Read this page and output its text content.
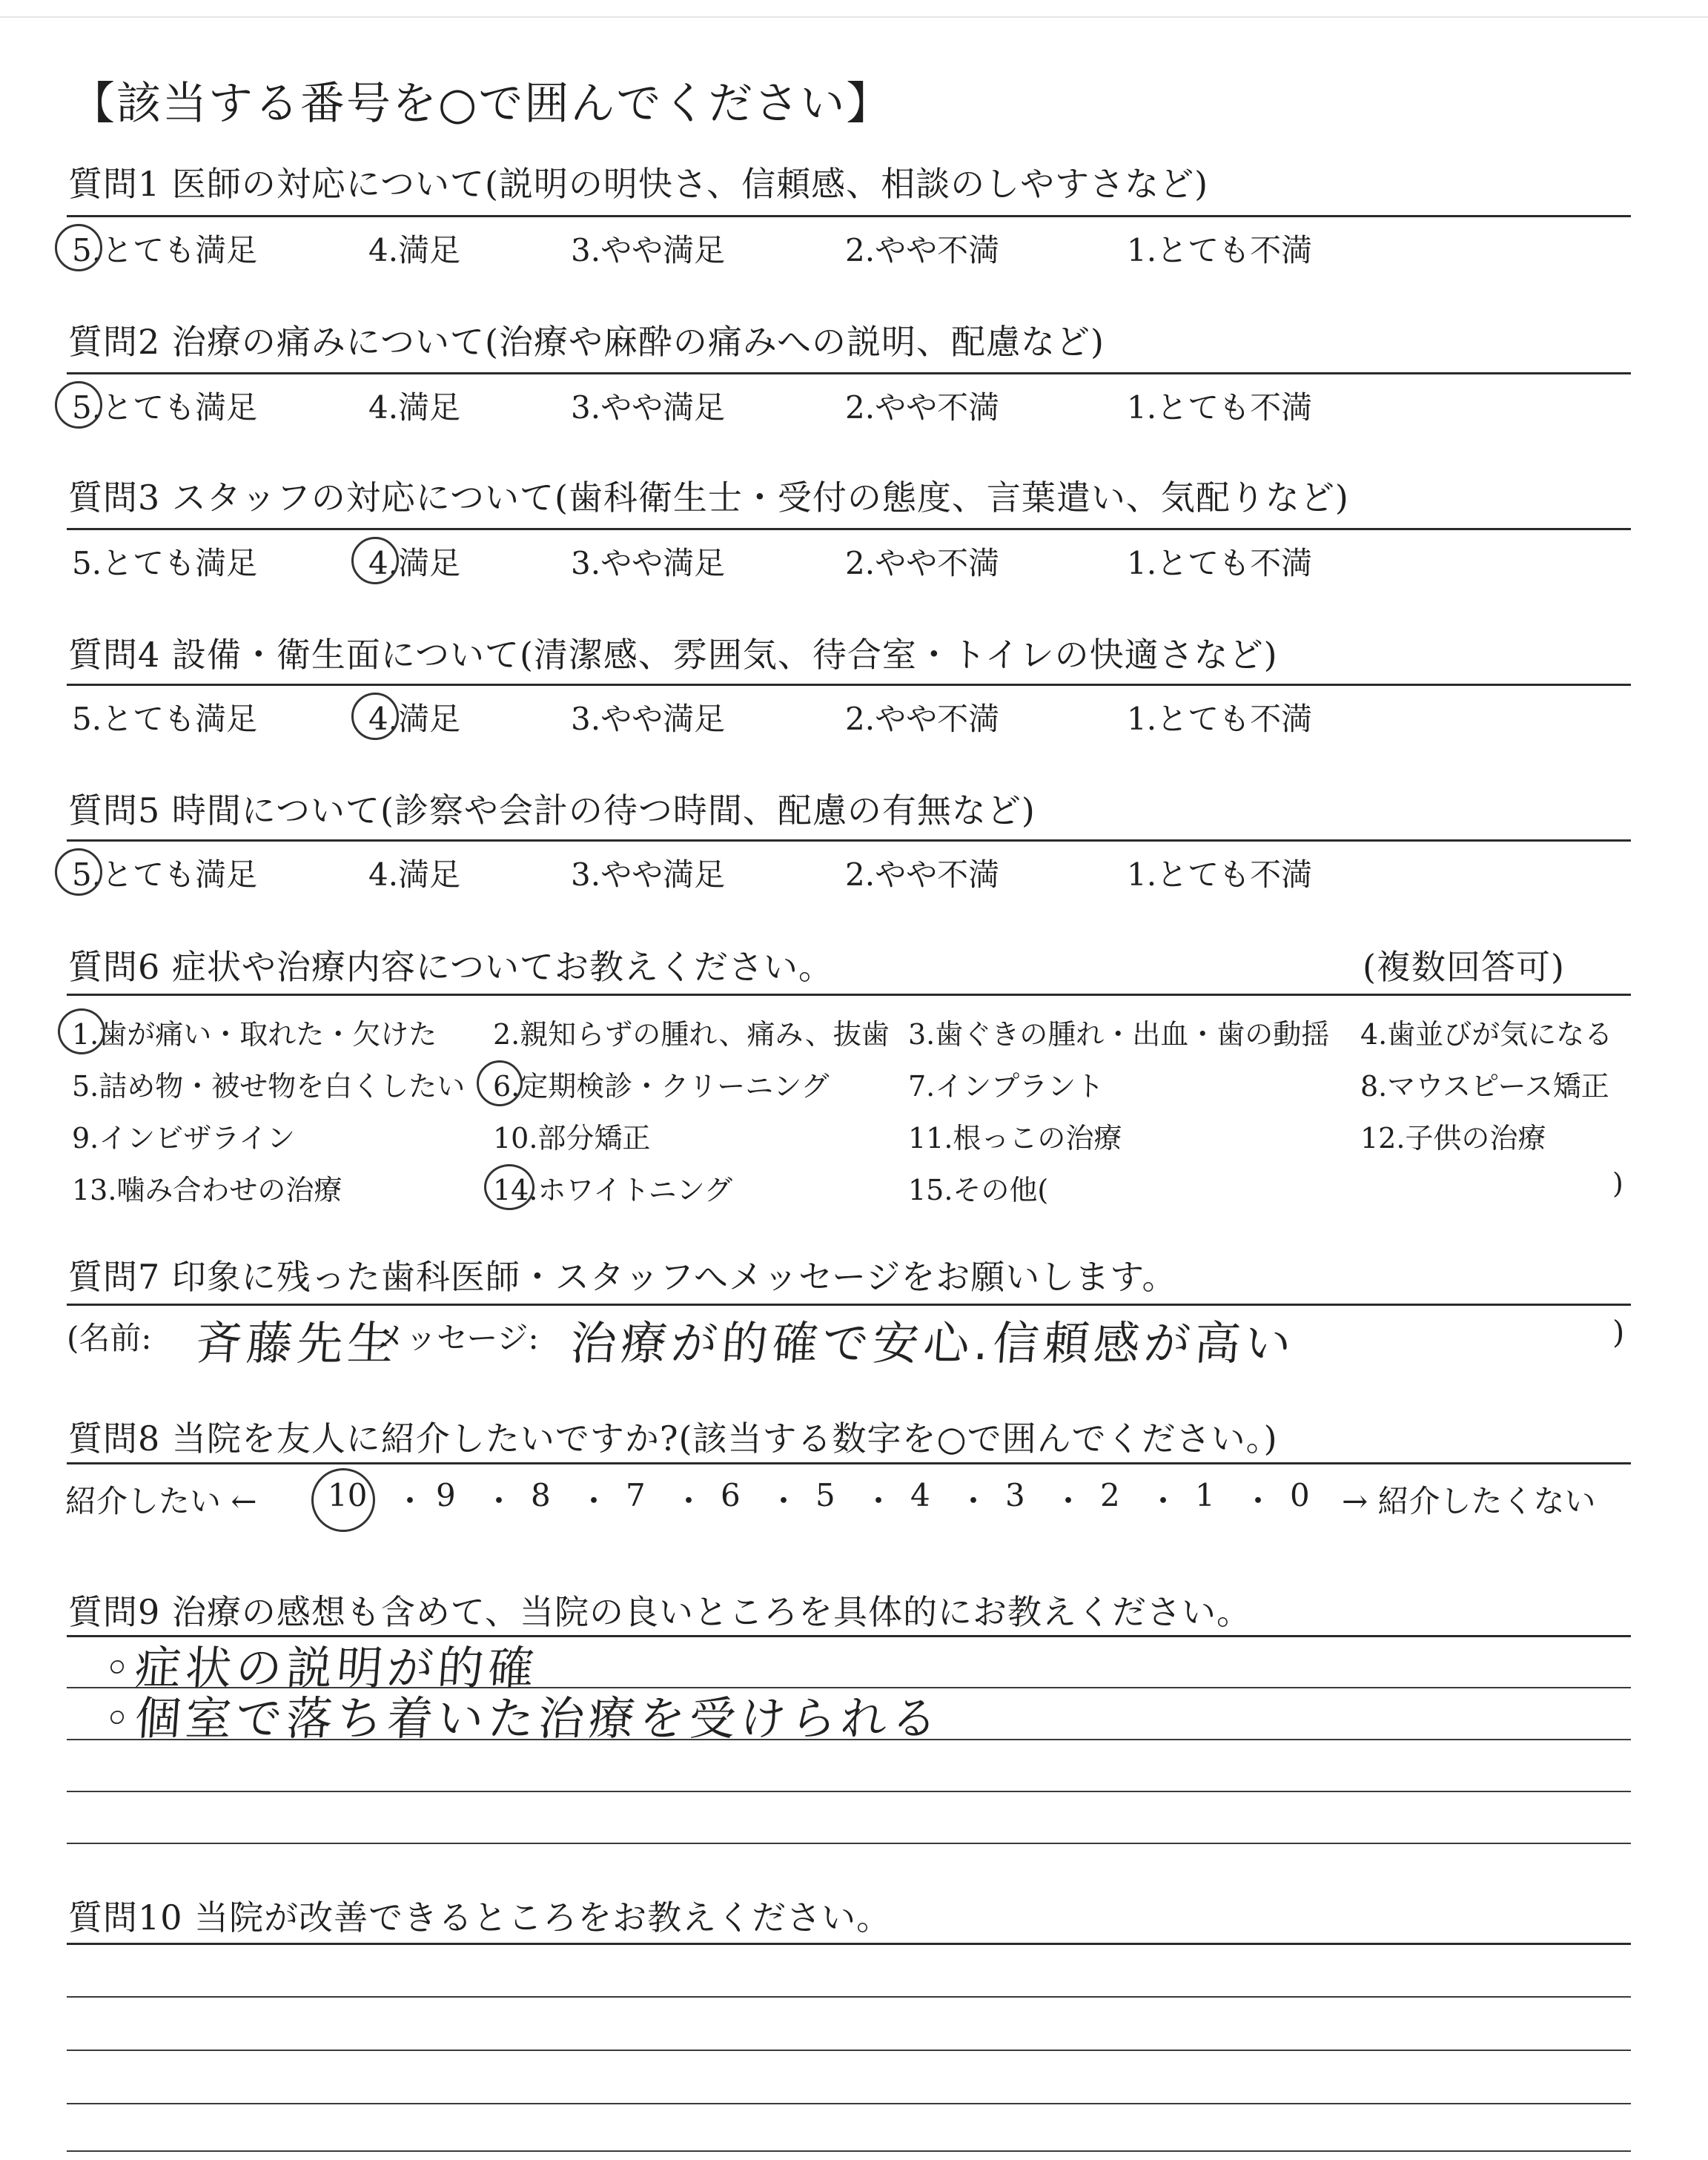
【該当する番号を○で囲んでください】
質問1 医師の対応について(説明の明快さ、信頼感、相談のしやすさなど)
5.とても満足	4.満足	3.やや満足	2.やや不満	1.とても不満
質問2 治療の痛みについて(治療や麻酔の痛みへの説明、配慮など)
5.とても満足	4.満足	3.やや満足	2.やや不満	1.とても不満
質問3 スタッフの対応について(歯科衛生士・受付の態度、言葉遣い、気配りなど)
5.とても満足	4.満足	3.やや満足	2.やや不満	1.とても不満
質問4 設備・衛生面について(清潔感、雰囲気、待合室・トイレの快適さなど)
5.とても満足	4.満足	3.やや満足	2.やや不満	1.とても不満
質問5 時間について(診察や会計の待つ時間、配慮の有無など)
5.とても満足	4.満足	3.やや満足	2.やや不満	1.とても不満
質問6 症状や治療内容についてお教えください。	(複数回答可)
1.歯が痛い・取れた・欠けた 2.親知らずの腫れ、痛み、抜歯 3.歯ぐきの腫れ・出血・歯の動揺 4.歯並びが気になる
5.詰め物・被せ物を白くしたい 6.定期検診・クリーニング	7.インプラント	8.マウスピース矯正
9.インビザライン	10.部分矯正	11.根っこの治療	12.子供の治療
13.噛み合わせの治療	14.ホワイトニング	15.その他(	)
質問7 印象に残った歯科医師・スタッフへメッセージをお願いします。
(名前: 斉藤先生
メッセージ: 治療が的確で安心.信頼感が高い	)
質問8 当院を友人に紹介したいですか?(該当する数字を○で囲んでください。)
紹介したい ← 10 9 8 7 6 5 4 3 2 1 0
・ ・ ・ ・ ・ ・ ・ ・ ・ ・ → 紹介したくない
質問9 治療の感想も含めて、当院の良いところを具体的にお教えください。
◦症状の説明が的確
◦個室で落ち着いた治療を受けられる
質問10 当院が改善できるところをお教えください。
